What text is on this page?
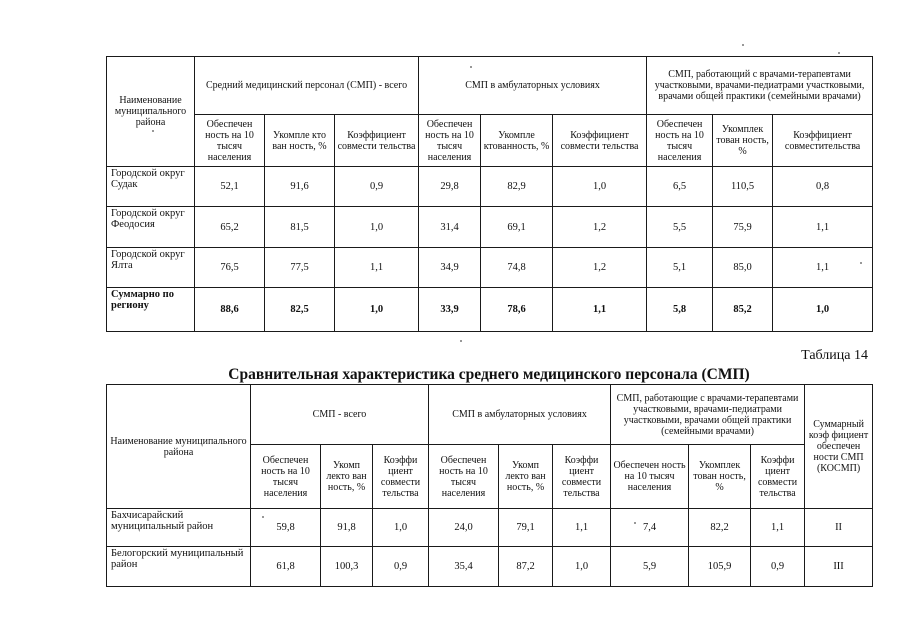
Наименование муниципального района	Средний медицинский персонал (СМП) - всего			СМП в амбулаторных условиях			СМП, работающий с врачами-терапевтами участковыми, врачами-педиатрами участковыми, врачами общей практики (семейными врачами)		
	Обеспечен ность на 10 тысяч населения	Укомпле кто ван ность, %	Коэффициент совмести тельства	Обеспечен ность на 10 тысяч населения	Укомпле ктованность, %	Коэффициент совмести тельства	Обеспечен ность на 10 тысяч населения	Укомплек тован ность, %	Коэффициент совместительства
Городской округ Судак	52,1	91,6	0,9	29,8	82,9	1,0	6,5	110,5	0,8
Городской округ Феодосия	65,2	81,5	1,0	31,4	69,1	1,2	5,5	75,9	1,1
Городской округ Ялта	76,5	77,5	1,1	34,9	74,8	1,2	5,1	85,0	1,1
Суммарно по региону	88,6	82,5	1,0	33,9	78,6	1,1	5,8	85,2	1,0
Таблица 14
Сравнительная характеристика среднего медицинского персонала (СМП)
Наименование муниципального района	СМП - всего			СМП в амбулаторных условиях			СМП, работающие с врачами-терапевтами участковыми, врачами-педиатрами участковыми, врачами общей практики (семейными врачами)			Суммарный коэф фициент обеспечен ности СМП (КОСМП)
	Обеспечен ность на 10 тысяч населения	Укомп лекто ван ность, %	Коэффи циент совмести тельства	Обеспечен ность на 10 тысяч населения	Укомп лекто ван ность, %	Коэффи циент совмести тельства	Обеспечен ность на 10 тысяч населения	Укомплек тован ность, %	Коэффи циент совмести тельства	
Бахчисарайский муниципальный район	59,8	91,8	1,0	24,0	79,1	1,1	7,4	82,2	1,1	II
Белогорский муниципальный район	61,8	100,3	0,9	35,4	87,2	1,0	5,9	105,9	0,9	III
